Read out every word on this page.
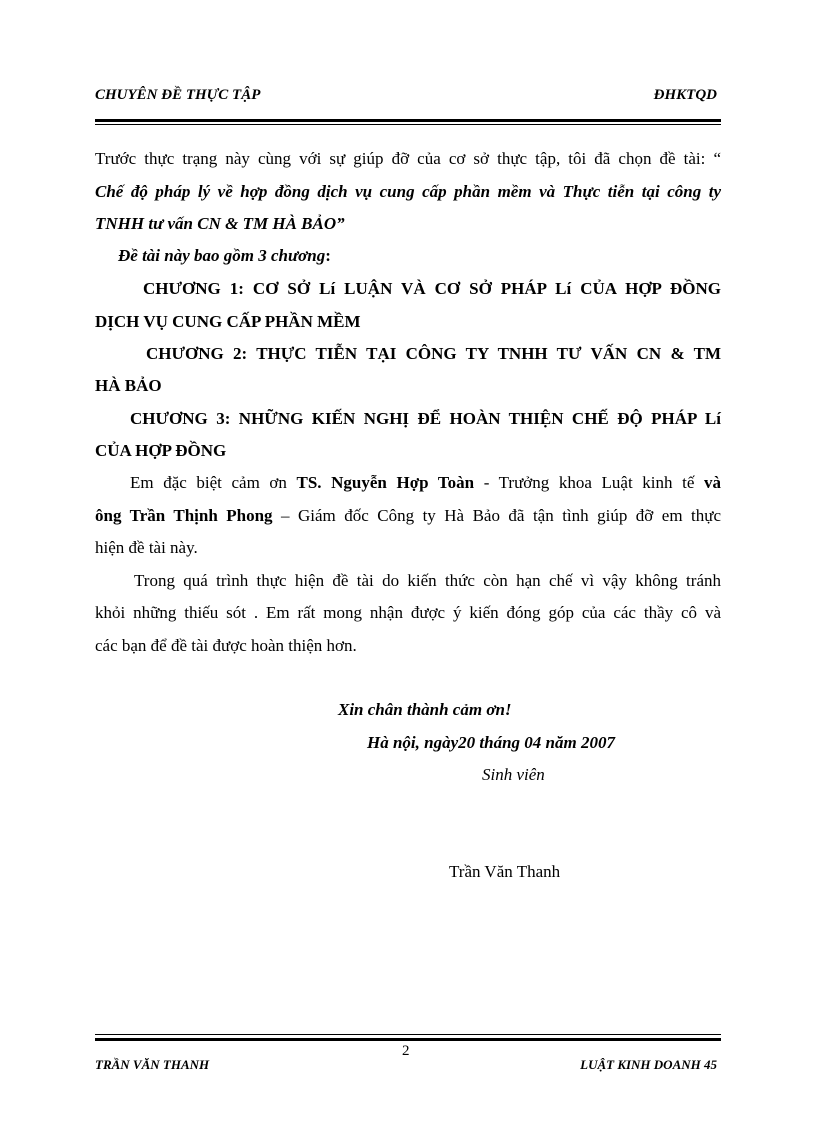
CHUYÊN ĐỀ THỰC TẬP	ĐHKTQD
Trước thực trạng này cùng với sự giúp đỡ của cơ sở thực tập, tôi đã chọn đề tài: “
Chế độ pháp lý về hợp đồng dịch vụ cung cấp phần mềm và Thực tiễn tại công ty
TNHH tư vấn CN & TM HÀ BẢO”
Đề tài này bao gồm 3 chương:
CHƯƠNG 1: CƠ SỞ Lí LUẬN VÀ CƠ SỞ PHÁP Lí CỦA HỢP ĐỒNG
DỊCH VỤ CUNG CẤP PHẦN MỀM
CHƯƠNG 2: THỰC TIỄN TẠI CÔNG TY TNHH TƯ VẤN CN & TM
HÀ BẢO
CHƯƠNG 3: NHỮNG KIẾN NGHỊ ĐỂ HOÀN THIỆN CHẾ ĐỘ PHÁP Lí
CỦA HỢP ĐỒNG
Em đặc biệt cảm ơn TS. Nguyễn Hợp Toàn - Trưởng khoa Luật kinh tế và
ông Trần Thịnh Phong – Giám đốc Công ty Hà Bảo đã tận tình giúp đỡ em thực
hiện đề tài này.
Trong quá trình thực hiện đề tài do kiến thức còn hạn chế vì vậy không tránh
khỏi những thiếu sót . Em rất mong nhận được ý kiến đóng góp của các thầy cô và
các bạn để đề tài được hoàn thiện hơn.
Xin chân thành cảm ơn!
Hà nội, ngày20 tháng 04 năm 2007
Sinh viên
Trần Văn Thanh
2
TRẦN VĂN THANH	LUẬT KINH DOANH 45
